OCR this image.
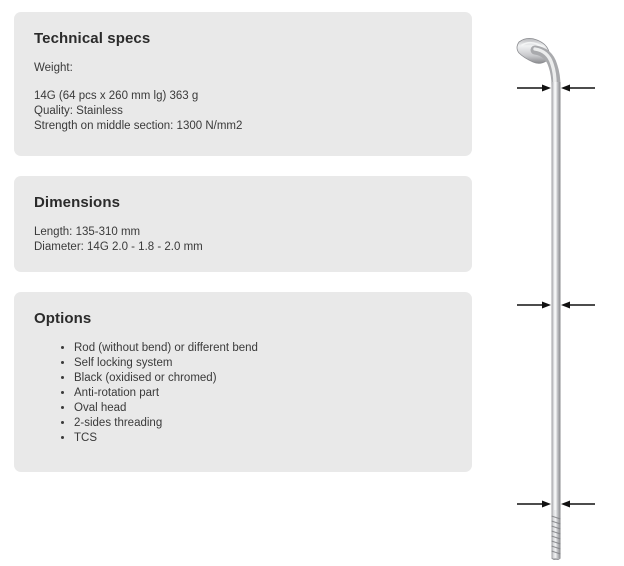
Technical specs
Weight:
14G (64 pcs x 260 mm lg) 363 g
Quality: Stainless
Strength on middle section: 1300 N/mm2
Dimensions
Length: 135-310 mm
Diameter: 14G 2.0 - 1.8 - 2.0 mm
Options
• Rod (without bend) or different bend
• Self locking system
• Black (oxidised or chromed)
• Anti-rotation part
• Oval head
• 2-sides threading
• TCS
